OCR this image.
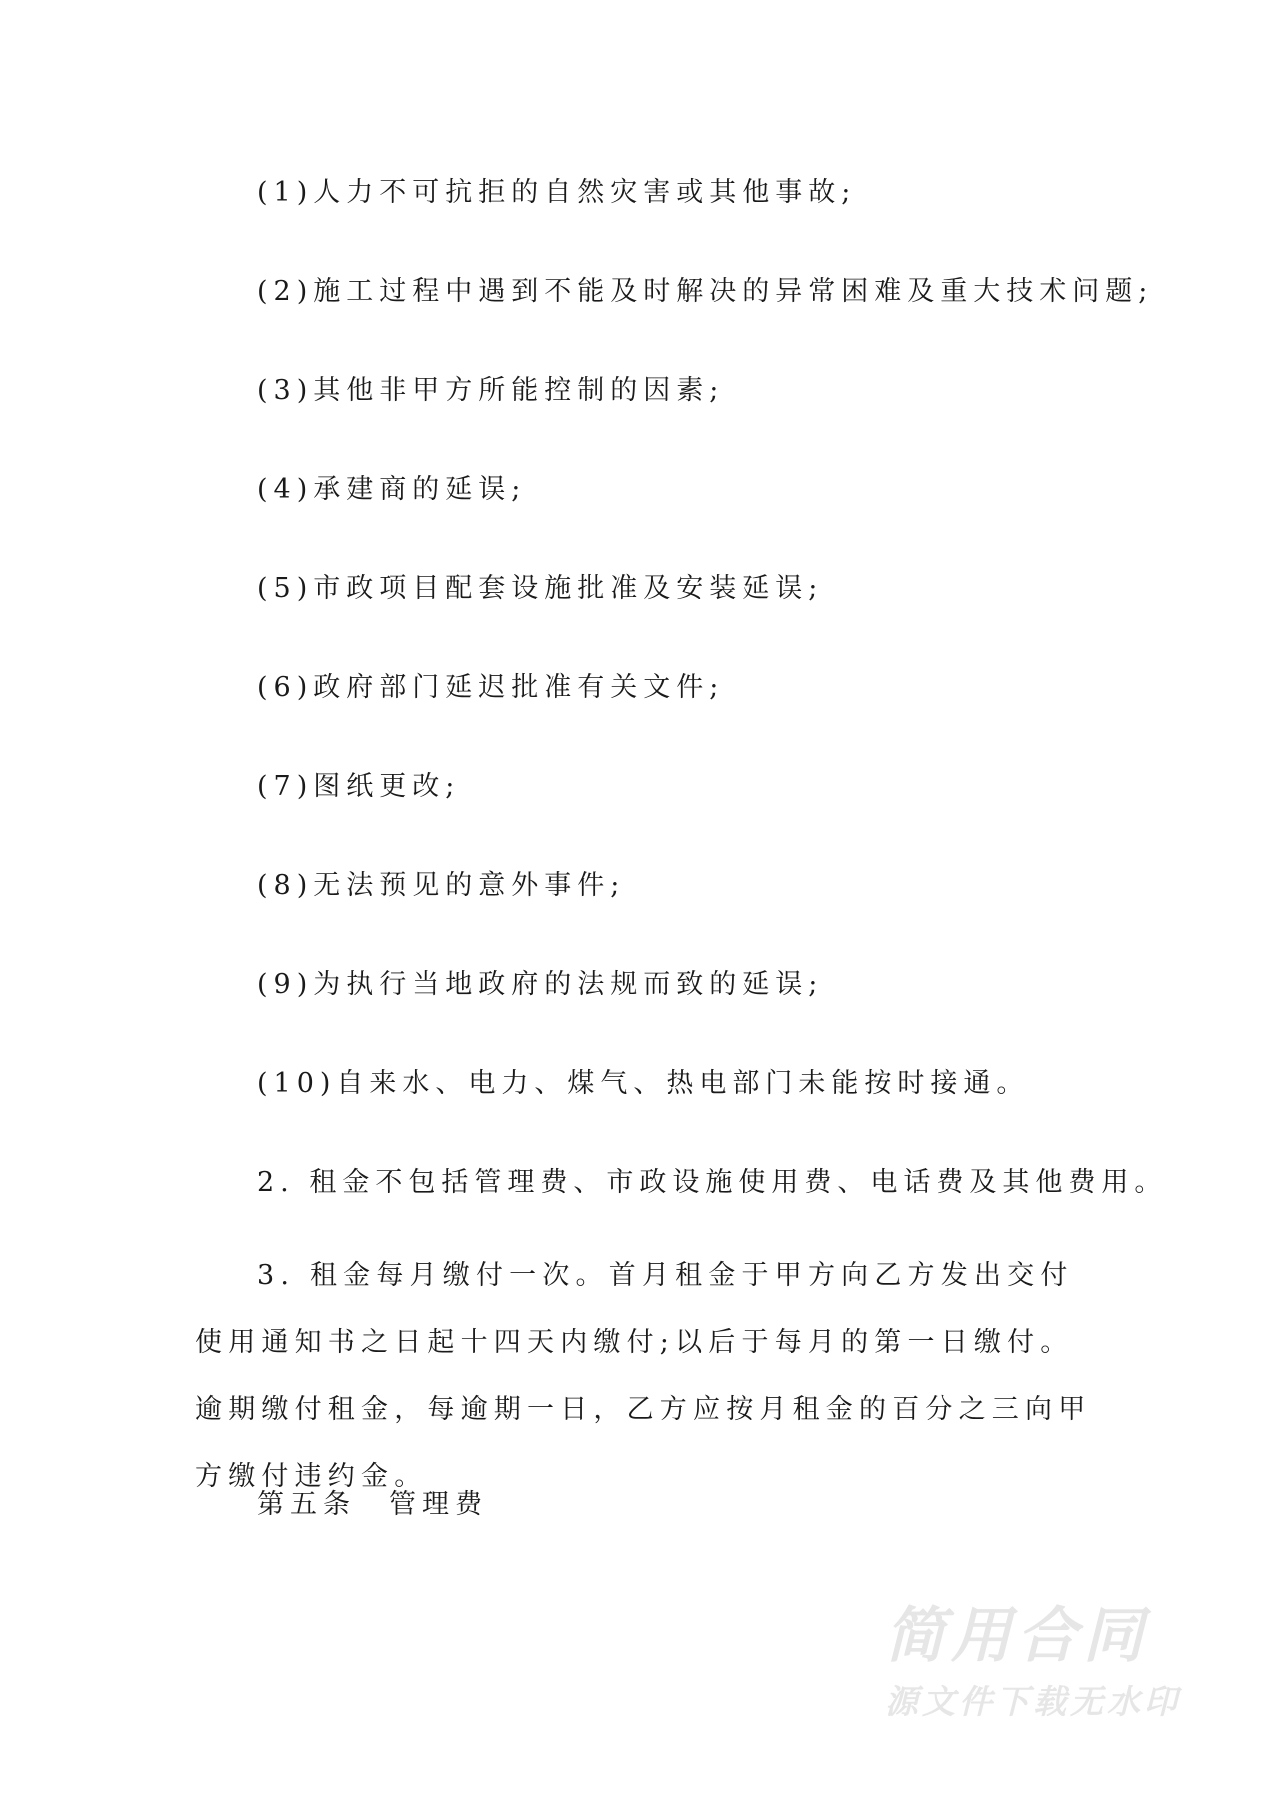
(1)人力不可抗拒的自然灾害或其他事故;
(2)施工过程中遇到不能及时解决的异常困难及重大技术问题;
(3)其他非甲方所能控制的因素;
(4)承建商的延误;
(5)市政项目配套设施批准及安装延误;
(6)政府部门延迟批准有关文件;
(7)图纸更改;
(8)无法预见的意外事件;
(9)为执行当地政府的法规而致的延误;
(10)自来水、电力、煤气、热电部门未能按时接通。
2. 租金不包括管理费、市政设施使用费、电话费及其他费用。
3. 租金每月缴付一次。首月租金于甲方向乙方发出交付使用通知书之日起十四天内缴付;以后于每月的第一日缴付。逾期缴付租金，每逾期一日，乙方应按月租金的百分之三向甲方缴付违约金。
第五条　管理费
简用合同
源文件下载无水印
